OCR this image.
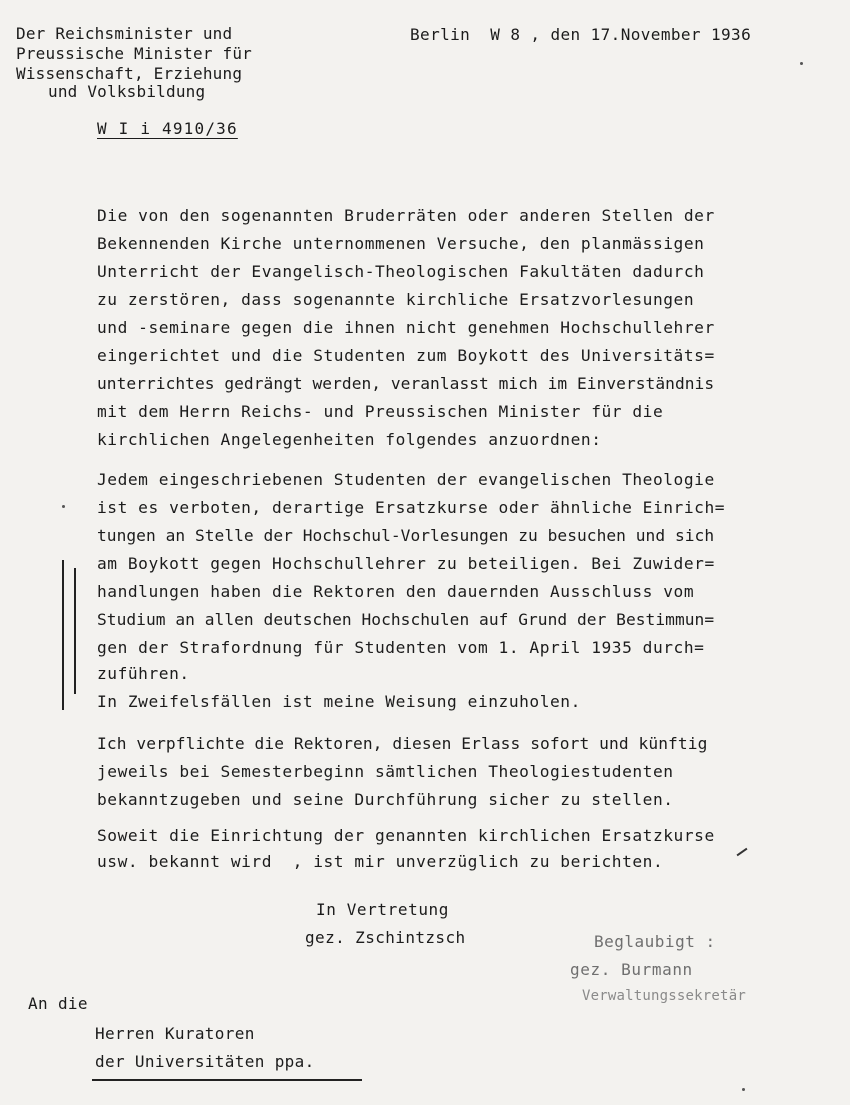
Der Reichsminister und
Preussische Minister für
Wissenschaft, Erziehung
und Volksbildung
Berlin  W 8 , den 17.November 1936
W I i 4910/36
Die von den sogenannten Bruderräten oder anderen Stellen der
Bekennenden Kirche unternommenen Versuche, den planmässigen
Unterricht der Evangelisch-Theologischen Fakultäten dadurch
zu zerstören, dass sogenannte kirchliche Ersatzvorlesungen
und -seminare gegen die ihnen nicht genehmen Hochschullehrer
eingerichtet und die Studenten zum Boykott des Universitäts=
unterrichtes gedrängt werden, veranlasst mich im Einverständnis
mit dem Herrn Reichs- und Preussischen Minister für die
kirchlichen Angelegenheiten folgendes anzuordnen:
Jedem eingeschriebenen Studenten der evangelischen Theologie
ist es verboten, derartige Ersatzkurse oder ähnliche Einrich=
tungen an Stelle der Hochschul-Vorlesungen zu besuchen und sich
am Boykott gegen Hochschullehrer zu beteiligen. Bei Zuwider=
handlungen haben die Rektoren den dauernden Ausschluss vom
Studium an allen deutschen Hochschulen auf Grund der Bestimmun=
gen der Strafordnung für Studenten vom 1. April 1935 durch=
zuführen.
In Zweifelsfällen ist meine Weisung einzuholen.
Ich verpflichte die Rektoren, diesen Erlass sofort und künftig
jeweils bei Semesterbeginn sämtlichen Theologiestudenten
bekanntzugeben und seine Durchführung sicher zu stellen.
Soweit die Einrichtung der genannten kirchlichen Ersatzkurse
usw. bekannt wird  , ist mir unverzüglich zu berichten.
In Vertretung
gez. Zschintzsch	Beglaubigt :
gez. Burmann
Verwaltungssekretär
An die
Herren Kuratoren
der Universitäten ppa.
